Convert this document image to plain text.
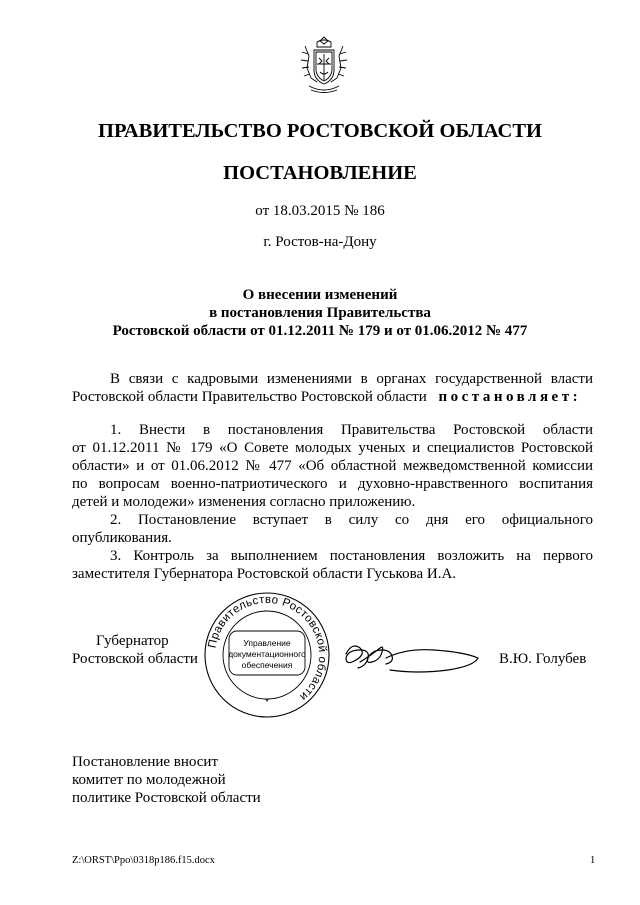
ПРАВИТЕЛЬСТВО РОСТОВСКОЙ ОБЛАСТИ
ПОСТАНОВЛЕНИЕ
от 18.03.2015 № 186
г. Ростов-на-Дону
О внесении изменений
в постановления Правительства
Ростовской области от 01.12.2011 № 179 и от 01.06.2012 № 477
В связи с кадровыми изменениями в органах государственной власти
Ростовской области Правительство Ростовской области постановляет:
1. Внести в постановления Правительства Ростовской области
от 01.12.2011 № 179 «О Совете молодых ученых и специалистов Ростовской
области» и от 01.06.2012 № 477 «Об областной межведомственной комиссии
по вопросам военно-патриотического и духовно-нравственного воспитания
детей и молодежи» изменения согласно приложению.
2. Постановление вступает в силу со дня его официального
опубликования.
3. Контроль за выполнением постановления возложить на первого
заместителя Губернатора Ростовской области Гуськова И.А.
Губернатор
Ростовской области	В.Ю. Голубев
Правительство Ростовской области
Управление
документационного
обеспечения
*
Постановление вносит
комитет по молодежной
политике Ростовской области
Z:\ORST\Ppo\0318p186.f15.docx	1
